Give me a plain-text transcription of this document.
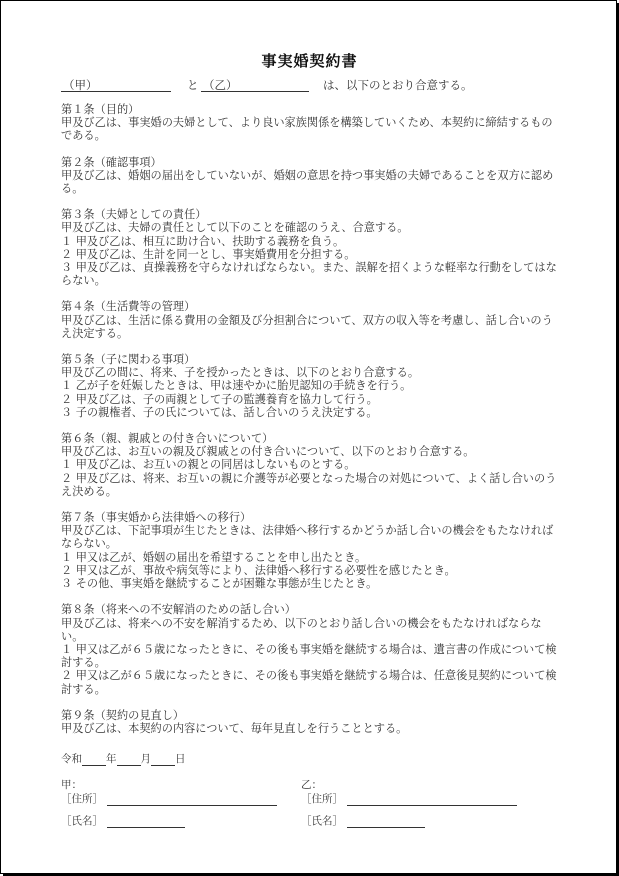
事実婚契約書
（甲）	と （乙）	は、以下のとおり合意する。

第１条（目的）

甲及び乙は、事実婚の夫婦として、より良い家族関係を構築していくため、本契約に締結するものである。

第２条（確認事項）

甲及び乙は、婚姻の届出をしていないが、婚姻の意思を持つ事実婚の夫婦であることを双方に認める。

第３条（夫婦としての責任）

甲及び乙は、夫婦の責任として以下のことを確認のうえ、合意する。

１ 甲及び乙は、相互に助け合い、扶助する義務を負う。

２ 甲及び乙は、生計を同一とし、事実婚費用を分担する。

３ 甲及び乙は、貞操義務を守らなければならない。また、誤解を招くような軽率な行動をしてはならない。

第４条（生活費等の管理）

甲及び乙は、生活に係る費用の金額及び分担割合について、双方の収入等を考慮し、話し合いのうえ決定する。

第５条（子に関わる事項）

甲及び乙の間に、将来、子を授かったときは、以下のとおり合意する。

１ 乙が子を妊娠したときは、甲は速やかに胎児認知の手続きを行う。

２ 甲及び乙は、子の両親として子の監護養育を協力して行う。

３ 子の親権者、子の氏については、話し合いのうえ決定する。

第６条（親、親戚との付き合いについて）

甲及び乙は、お互いの親及び親戚との付き合いについて、以下のとおり合意する。

１ 甲及び乙は、お互いの親との同居はしないものとする。

２ 甲及び乙は、将来、お互いの親に介護等が必要となった場合の対処について、よく話し合いのうえ決める。

第７条（事実婚から法律婚への移行）

甲及び乙は、下記事項が生じたときは、法律婚へ移行するかどうか話し合いの機会をもたなければならない。

１ 甲又は乙が、婚姻の届出を希望することを申し出たとき。

２ 甲又は乙が、事故や病気等により、法律婚へ移行する必要性を感じたとき。

３ その他、事実婚を継続することが困難な事態が生じたとき。

第８条（将来への不安解消のための話し合い）

甲及び乙は、将来への不安を解消するため、以下のとおり話し合いの機会をもたなければならない。

１ 甲又は乙が６５歳になったときに、その後も事実婚を継続する場合は、遺言書の作成について検討する。

２ 甲又は乙が６５歳になったときに、その後も事実婚を継続する場合は、任意後見契約について検討する。

第９条（契約の見直し）

甲及び乙は、本契約の内容について、毎年見直しを行うこととする。

令和 年 月 日
甲：
［住所］
［氏名］
乙：
［住所］
［氏名］
